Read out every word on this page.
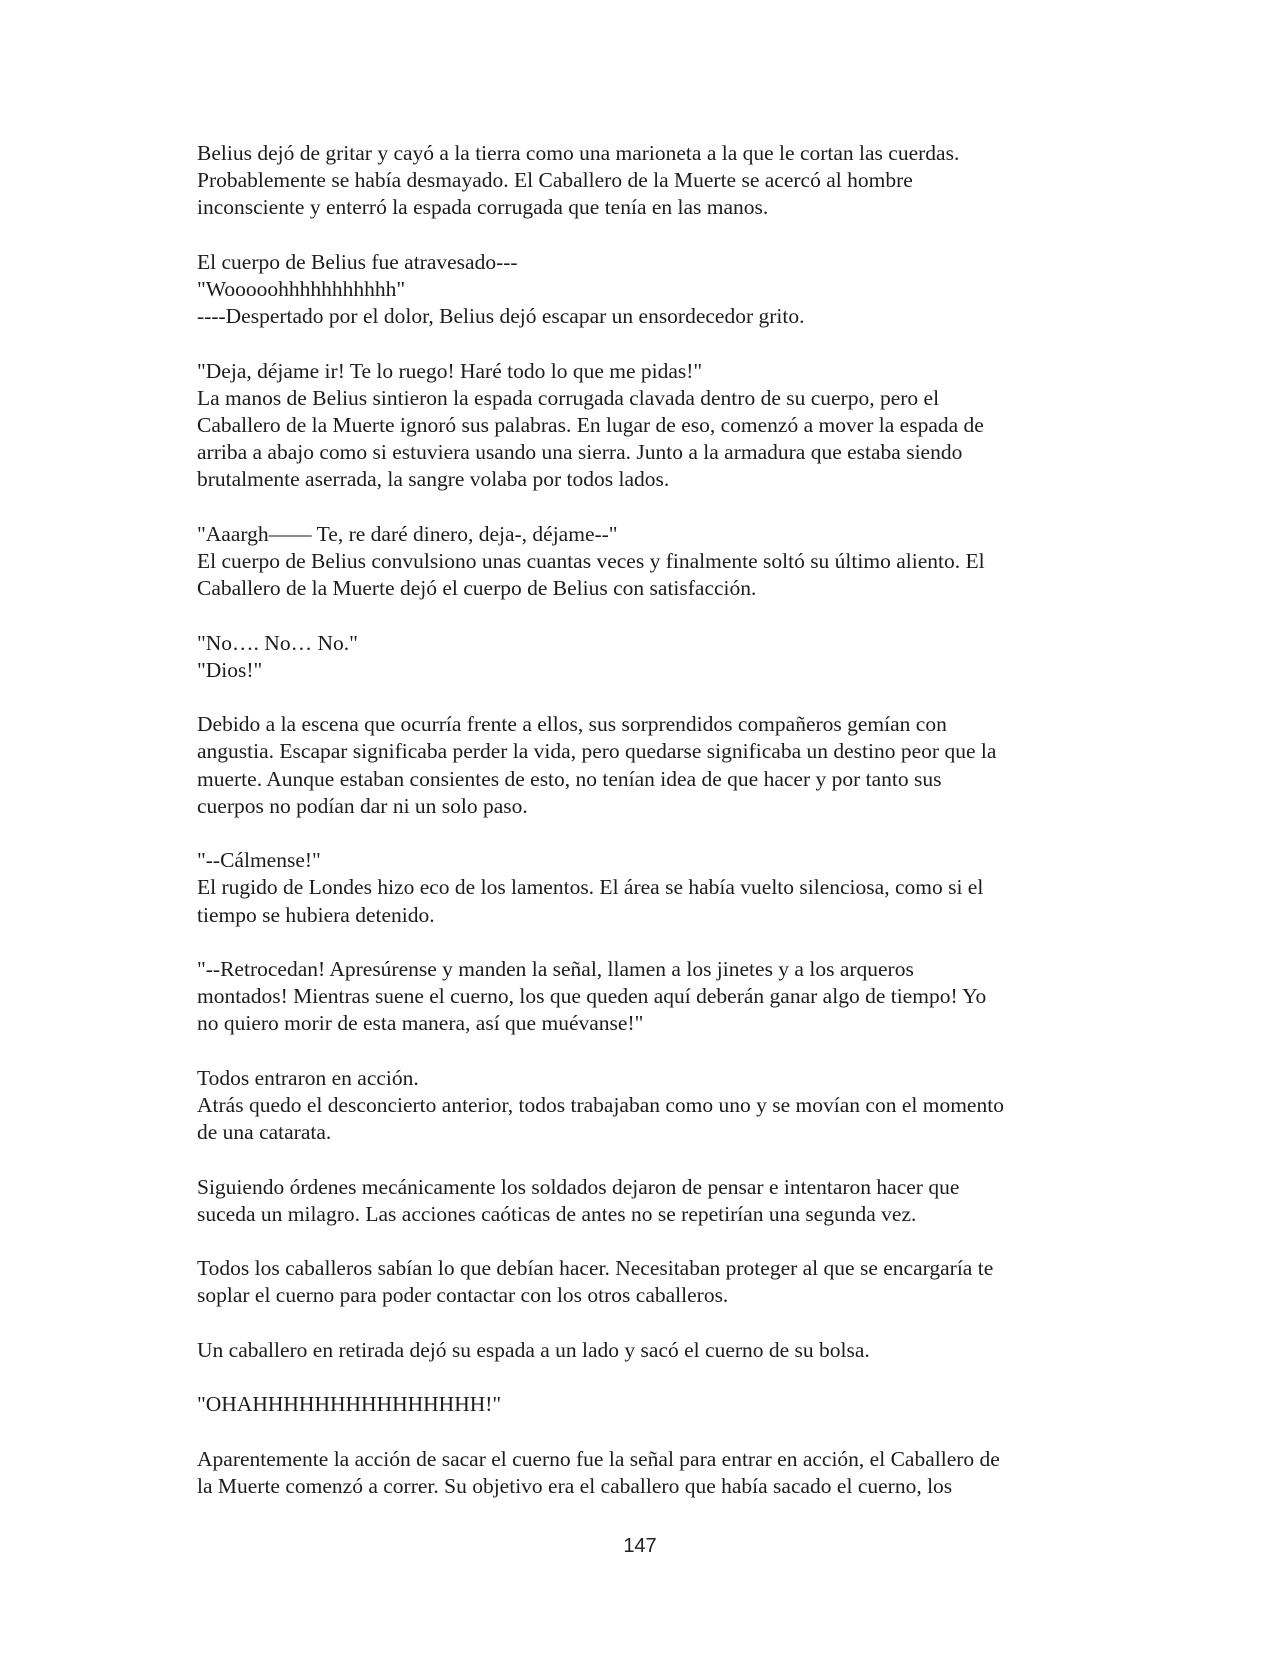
Belius dejó de gritar y cayó a la tierra como una marioneta a la que le cortan las cuerdas.
Probablemente se había desmayado. El Caballero de la Muerte se acercó al hombre
inconsciente y enterró la espada corrugada que tenía en las manos.
El cuerpo de Belius fue atravesado---
"Wooooohhhhhhhhhhh"
----Despertado por el dolor, Belius dejó escapar un ensordecedor grito.
"Deja, déjame ir! Te lo ruego! Haré todo lo que me pidas!"
La manos de Belius sintieron la espada corrugada clavada dentro de su cuerpo, pero el
Caballero de la Muerte ignoró sus palabras. En lugar de eso, comenzó a mover la espada de
arriba a abajo como si estuviera usando una sierra. Junto a la armadura que estaba siendo
brutalmente aserrada, la sangre volaba por todos lados.
"Aaargh—— Te, re daré dinero, deja-, déjame--"
El cuerpo de Belius convulsiono unas cuantas veces y finalmente soltó su último aliento. El
Caballero de la Muerte dejó el cuerpo de Belius con satisfacción.
"No…. No… No."
"Dios!"
Debido a la escena que ocurría frente a ellos, sus sorprendidos compañeros gemían con
angustia. Escapar significaba perder la vida, pero quedarse significaba un destino peor que la
muerte. Aunque estaban consientes de esto, no tenían idea de que hacer y por tanto sus
cuerpos no podían dar ni un solo paso.
"--Cálmense!"
El rugido de Londes hizo eco de los lamentos. El área se había vuelto silenciosa, como si el
tiempo se hubiera detenido.
"--Retrocedan! Apresúrense y manden la señal, llamen a los jinetes y a los arqueros
montados! Mientras suene el cuerno, los que queden aquí deberán ganar algo de tiempo! Yo
no quiero morir de esta manera, así que muévanse!"
Todos entraron en acción.
Atrás quedo el desconcierto anterior, todos trabajaban como uno y se movían con el momento
de una catarata.
Siguiendo órdenes mecánicamente los soldados dejaron de pensar e intentaron hacer que
suceda un milagro. Las acciones caóticas de antes no se repetirían una segunda vez.
Todos los caballeros sabían lo que debían hacer. Necesitaban proteger al que se encargaría te
soplar el cuerno para poder contactar con los otros caballeros.
Un caballero en retirada dejó su espada a un lado y sacó el cuerno de su bolsa.
"OHAHHHHHHHHHHHHHHH!"
Aparentemente la acción de sacar el cuerno fue la señal para entrar en acción, el Caballero de
la Muerte comenzó a correr. Su objetivo era el caballero que había sacado el cuerno, los
147
